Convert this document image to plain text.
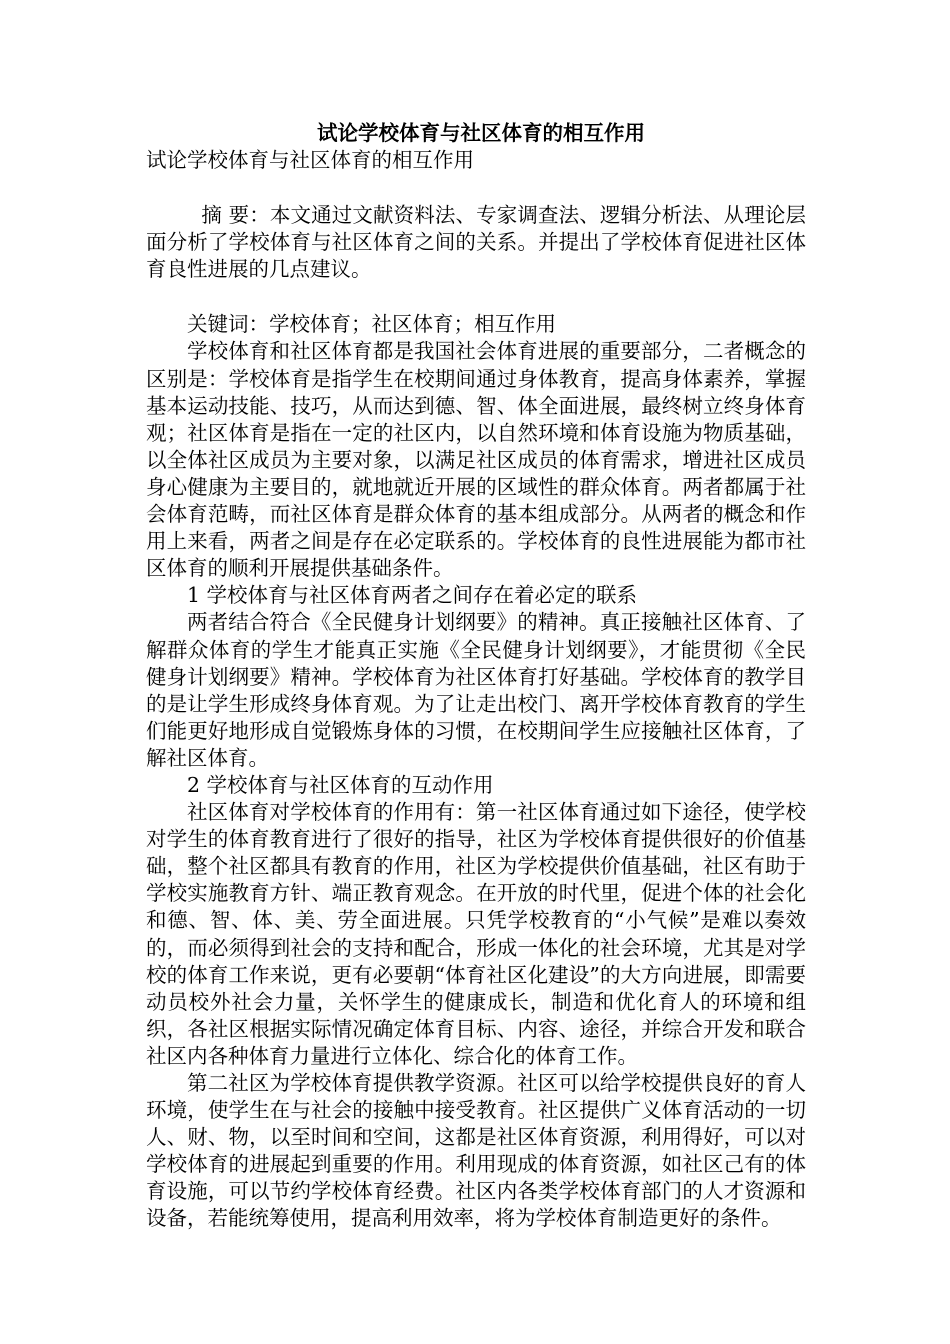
试论学校体育与社区体育的相互作用
试论学校体育与社区体育的相互作用

摘 要：本文通过文献资料法、专家调查法、逻辑分析法、从理论层面分析了学校体育与社区体育之间的关系。并提出了学校体育促进社区体育良性进展的几点建议。

关键词：学校体育；社区体育；相互作用

学校体育和社区体育都是我国社会体育进展的重要部分，二者概念的区别是：学校体育是指学生在校期间通过身体教育，提高身体素养，掌握基本运动技能、技巧，从而达到德、智、体全面进展，最终树立终身体育观；社区体育是指在一定的社区内，以自然环境和体育设施为物质基础，以全体社区成员为主要对象，以满足社区成员的体育需求，增进社区成员身心健康为主要目的，就地就近开展的区域性的群众体育。两者都属于社会体育范畴，而社区体育是群众体育的基本组成部分。从两者的概念和作用上来看，两者之间是存在必定联系的。学校体育的良性进展能为都市社区体育的顺利开展提供基础条件。

1 学校体育与社区体育两者之间存在着必定的联系

两者结合符合《全民健身计划纲要》的精神。真正接触社区体育、了解群众体育的学生才能真正实施《全民健身计划纲要》，才能贯彻《全民健身计划纲要》精神。学校体育为社区体育打好基础。学校体育的教学目的是让学生形成终身体育观。为了让走出校门、离开学校体育教育的学生们能更好地形成自觉锻炼身体的习惯，在校期间学生应接触社区体育，了解社区体育。

2 学校体育与社区体育的互动作用

社区体育对学校体育的作用有：第一社区体育通过如下途径，使学校对学生的体育教育进行了很好的指导，社区为学校体育提供很好的价值基础，整个社区都具有教育的作用，社区为学校提供价值基础，社区有助于学校实施教育方针、端正教育观念。在开放的时代里，促进个体的社会化和德、智、体、美、劳全面进展。只凭学校教育的“小气候”是难以奏效的，而必须得到社会的支持和配合，形成一体化的社会环境，尤其是对学校的体育工作来说，更有必要朝“体育社区化建设”的大方向进展，即需要动员校外社会力量，关怀学生的健康成长，制造和优化育人的环境和组织，各社区根据实际情况确定体育目标、内容、途径，并综合开发和联合社区内各种体育力量进行立体化、综合化的体育工作。

第二社区为学校体育提供教学资源。社区可以给学校提供良好的育人环境，使学生在与社会的接触中接受教育。社区提供广义体育活动的一切人、财、物，以至时间和空间，这都是社区体育资源，利用得好，可以对学校体育的进展起到重要的作用。利用现成的体育资源，如社区己有的体育设施，可以节约学校体育经费。社区内各类学校体育部门的人才资源和设备，若能统筹使用，提高利用效率，将为学校体育制造更好的条件。
